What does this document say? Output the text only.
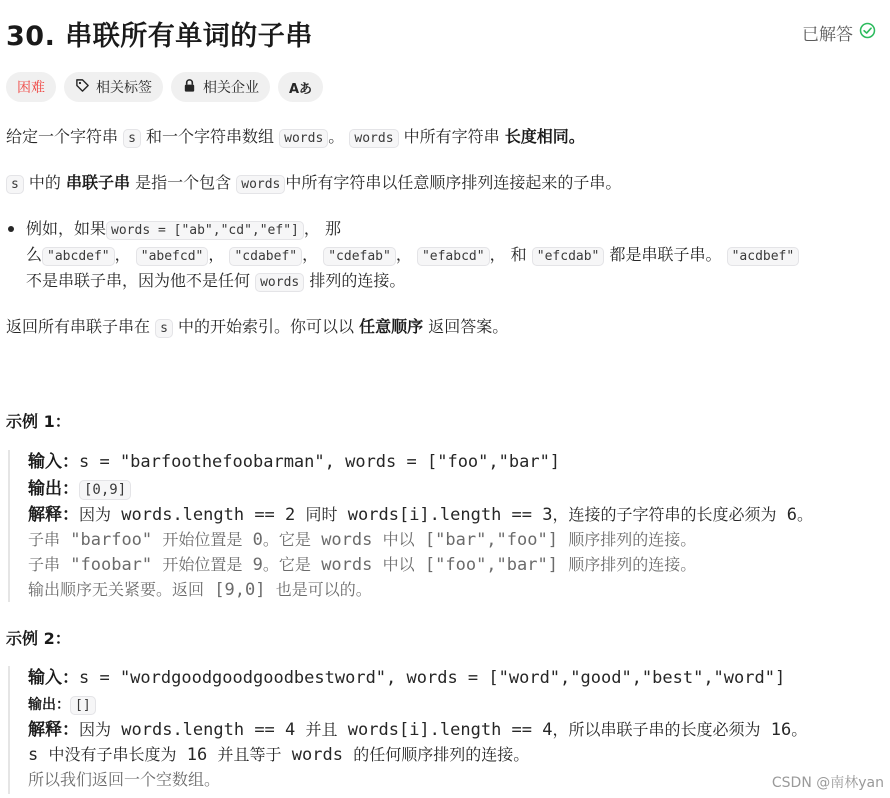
30. 串联所有单词的子串	已解答
困难	相关标签	相关企业 Aあ
给定一个字符串 s 和一个字符串数组 words 。 words 中所有字符串 长度相同。
s 中的 串联子串 是指一个包含 words 中所有字符串以任意顺序排列连接起来的子串。
例如，如果 words = ["ab","cd","ef"] ， 那
么 "abcdef" ， "abefcd" ， "cdabef" ， "cdefab" ， "efabcd" ， 和 "efcdab" 都是串联子串。 "acdbef"
不是串联子串，因为他不是任何 words 排列的连接。
返回所有串联子串在 s 中的开始索引。你可以以 任意顺序 返回答案。
示例 1：
输入：s = "barfoothefoobarman", words = ["foo","bar"]
输出： [0,9]
解释：因为 words.length == 2 同时 words[i].length == 3，连接的子字符串的长度必须为 6。
子串 "barfoo" 开始位置是 0。它是 words 中以 ["bar","foo"] 顺序排列的连接。
子串 "foobar" 开始位置是 9。它是 words 中以 ["foo","bar"] 顺序排列的连接。
输出顺序无关紧要。返回 [9,0] 也是可以的。
示例 2：
输入：s = "wordgoodgoodgoodbestword", words = ["word","good","best","word"]
输出： []
解释：因为 words.length == 4 并且 words[i].length == 4，所以串联子串的长度必须为 16。
s 中没有子串长度为 16 并且等于 words 的任何顺序排列的连接。
所以我们返回一个空数组。	CSDN @南林yan
